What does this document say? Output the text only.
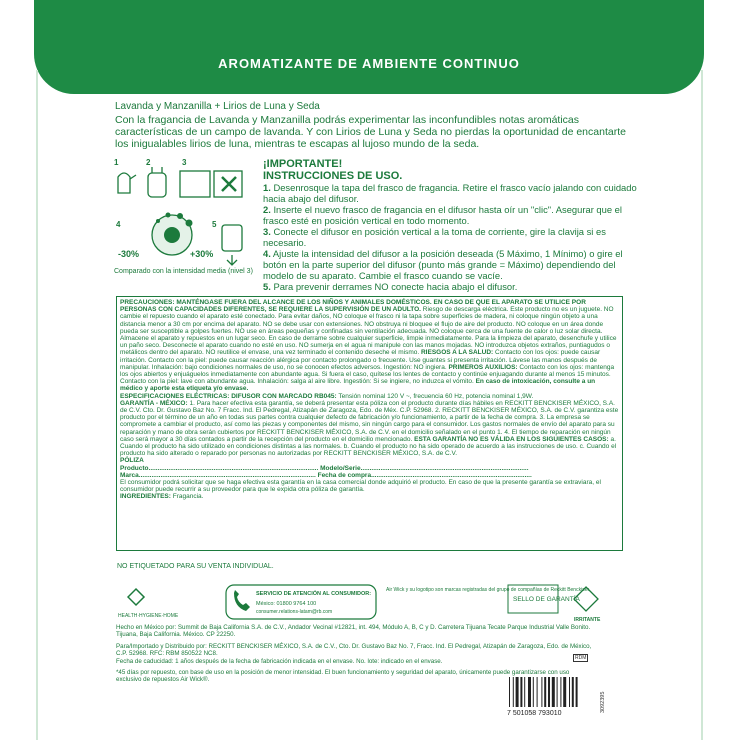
AROMATIZANTE DE AMBIENTE CONTINUO
Lavanda y Manzanilla + Lirios de Luna y Seda
Con la fragancia de Lavanda y Manzanilla podrás experimentar las inconfundibles notas aromáticas características de un campo de lavanda. Y con Lirios de Luna y Seda no pierdas la oportunidad de encantarte los inigualables lirios de luna, mientras te escapas al lujoso mundo de la seda.
1	2	3
4
-30%	+30%
5
Comparado con la intensidad media (nivel 3)
¡IMPORTANTE!
INSTRUCCIONES DE USO.
1. Desenrosque la tapa del frasco de fragancia. Retire el frasco vacío jalando con cuidado hacia abajo del difusor.
2. Inserte el nuevo frasco de fragancia en el difusor hasta oír un "clic". Asegurar que el frasco esté en posición vertical en todo momento.
3. Conecte el difusor en posición vertical a la toma de corriente, gire la clavija si es necesario.
4. Ajuste la intensidad del difusor a la posición deseada (5 Máximo, 1 Mínimo) o gire el botón en la parte superior del difusor (punto más grande = Máximo) dependiendo del modelo de su aparato. Cambie el frasco cuando se vacíe.
5. Para prevenir derrames NO conecte hacia abajo el difusor.
PRECAUCIONES: MANTÉNGASE FUERA DEL ALCANCE DE LOS NIÑOS Y ANIMALES DOMÉSTICOS. EN CASO DE QUE EL APARATO SE UTILICE POR PERSONAS CON CAPACIDADES DIFERENTES, SE REQUIERE LA SUPERVISIÓN DE UN ADULTO. Riesgo de descarga eléctrica. Este producto no es un juguete. NO cambie el repuesto cuando el aparato esté conectado. Para evitar daños, NO coloque el frasco ni la tapa sobre superficies de madera, ni coloque ningún objeto a una distancia menor a 30 cm por encima del aparato. NO se debe usar con extensiones. NO obstruya ni bloquee el flujo de aire del producto. NO coloque en un área donde pueda ser susceptible a golpes fuertes. NO use en áreas pequeñas y confinadas sin ventilación adecuada. NO coloque cerca de una fuente de calor o luz solar directa. Almacene el aparato y repuestos en un lugar seco. En caso de derrame sobre cualquier superficie, limpie inmediatamente. Para la limpieza del aparato, desenchufe y utilice un paño seco. Desconecte el aparato cuando no esté en uso. NO sumerja en el agua ni manipule con las manos mojadas. NO introduzca objetos extraños, puntiagudos o metálicos dentro del aparato. NO reutilice el envase, una vez terminado el contenido deseche el mismo. RIESGOS A LA SALUD: Contacto con los ojos: puede causar irritación. Contacto con la piel: puede causar reacción alérgica por contacto prolongado o frecuente. Use guantes si presenta irritación. Lávese las manos después de manipular. Inhalación: bajo condiciones normales de uso, no se conocen efectos adversos. Ingestión: NO ingiera. PRIMEROS AUXILIOS: Contacto con los ojos: mantenga los ojos abiertos y enjuáguelos inmediatamente con abundante agua. Si fuera el caso, quítese los lentes de contacto y continúe enjuagando durante al menos 15 minutos. Contacto con la piel: lave con abundante agua. Inhalación: salga al aire libre. Ingestión: Si se ingiere, no induzca el vómito. En caso de intoxicación, consulte a un médico y aporte esta etiqueta y/o envase.
ESPECIFICACIONES ELÉCTRICAS: DIFUSOR CON MARCADO RB045: Tensión nominal 120 V ~, frecuencia 60 Hz, potencia nominal 1,9W.
GARANTÍA - MÉXICO: 1. Para hacer efectiva esta garantía, se deberá presentar esta póliza con el producto durante días hábiles en RECKITT BENCKISER MÉXICO, S.A. de C.V. Cto. Dr. Gustavo Baz No. 7 Fracc. Ind. El Pedregal, Atizapán de Zaragoza, Edo. de Méx. C.P. 52968. 2. RECKITT BENCKISER MÉXICO, S.A. de C.V. garantiza este producto por el término de un año en todas sus partes contra cualquier defecto de fabricación y/o funcionamiento, a partir de la fecha de compra. 3. La empresa se compromete a cambiar el producto, así como las piezas y componentes del mismo, sin ningún cargo para el consumidor. Los gastos normales de envío del aparato para su reparación y mano de obra serán cubiertos por RECKITT BENCKISER MÉXICO, S.A. de C.V. en el domicilio señalado en el punto 1. 4. El tiempo de reparación en ningún caso será mayor a 30 días contados a partir de la recepción del producto en el domicilio mencionado. ESTA GARANTÍA NO ES VÁLIDA EN LOS SIGUIENTES CASOS: a. Cuando el producto ha sido utilizado en condiciones distintas a las normales. b. Cuando el producto no ha sido operado de acuerdo a las instrucciones de uso. c. Cuando el producto ha sido alterado o reparado por personas no autorizadas por RECKITT BENCKISER MÉXICO, S.A. de C.V.
PÓLIZA
Producto.............................................................................................. Modelo/Serie.............................................................................................
Marca.................................................................................................. Fecha de compra.........................................................................................
El consumidor podrá solicitar que se haga efectiva esta garantía en la casa comercial donde adquirió el producto. En caso de que la presente garantía se extraviara, el consumidor puede recurrir a su proveedor para que le expida otra póliza de garantía.
INGREDIENTES: Fragancia.
NO ETIQUETADO PARA SU VENTA INDIVIDUAL.
HEALTH·HYGIENE·HOME
SERVICIO DE ATENCIÓN AL CONSUMIDOR:
México: 01800 9764 100
consumer.relations-latam@rb.com
Air Wick y su logotipo son marcas registradas del grupo de compañías de Reckitt Benckiser.
SELLO DE GARANTÍA
IRRITANTE
Hecho en México por: Summit de Baja California S.A. de C.V., Andador Vecinal #12821, int. 494, Módulo A, B, C y D. Carretera Tijuana Tecate Parque Industrial Valle Bonito. Tijuana, Baja California. México. CP 22250.
Para/Importado y Distribuido por: RECKITT BENCKISER MÉXICO, S.A. de C.V., Cto. Dr. Gustavo Baz No. 7, Fracc. Ind. El Pedregal, Atizapán de Zaragoza, Edo. de México, C.P. 52968. RFC: RBM 850522 NC8.
Fecha de caducidad: 1 años después de la fecha de fabricación indicada en el envase. No. lote: indicado en el envase.
*45 días por repuesto, con base de uso en la posición de menor intensidad. El buen funcionamiento y seguridad del aparato, únicamente puede garantizarse con uso exclusivo de repuestos Air Wick®.
RDM
7 501058 793010
3092395
